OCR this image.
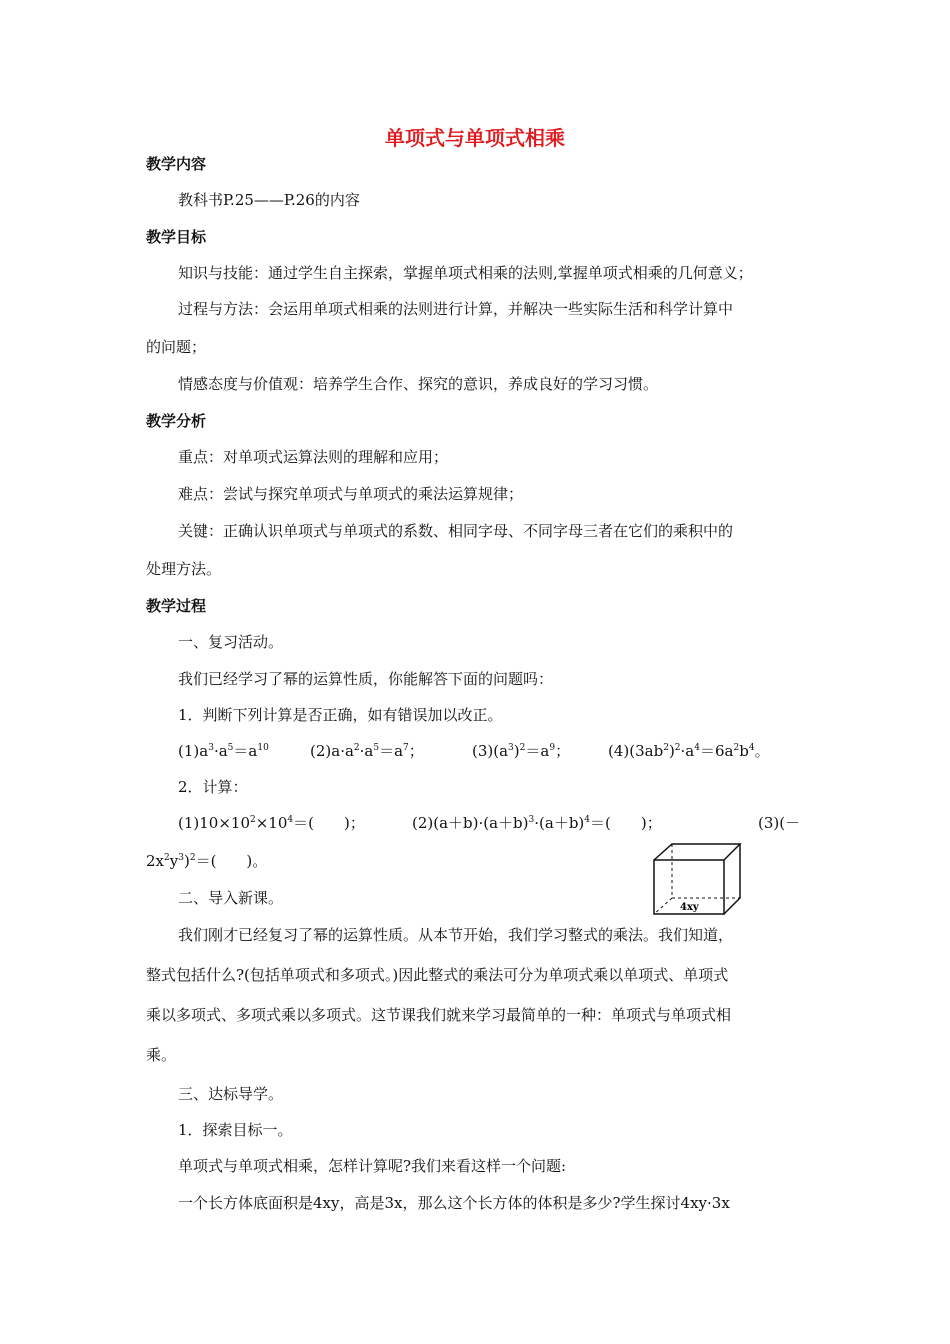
单项式与单项式相乘
教学内容
教科书P.25——P.26的内容
教学目标
知识与技能：通过学生自主探索，掌握单项式相乘的法则,掌握单项式相乘的几何意义；
过程与方法：会运用单项式相乘的法则进行计算，并解决一些实际生活和科学计算中
的问题；
情感态度与价值观：培养学生合作、探究的意识，养成良好的学习习惯。
教学分析
重点：对单项式运算法则的理解和应用；
难点：尝试与探究单项式与单项式的乘法运算规律；
关键：正确认识单项式与单项式的系数、相同字母、不同字母三者在它们的乘积中的
处理方法。
教学过程
一、复习活动。
我们已经学习了幂的运算性质，你能解答下面的问题吗：
1．判断下列计算是否正确，如有错误加以改正。
$(1)a^3\cdot a^5=a^{10}$	$(2)a\cdot a^2\cdot a^5=a^7$；	$(3)(a^3)^2=a^9$；	$(4)(3ab^2)^2\cdot a^4=6a^2b^4$。
2．计算：
$(1)10\times 10^2\times 10^4=$(　　)；	$(2)(a+b)\cdot(a+b)^3\cdot(a+b)^4=$(　　)；	(3)(－
$2x^2y^3)^2=$(　　)。
4xy
二、导入新课。
我们刚才已经复习了幂的运算性质。从本节开始，我们学习整式的乘法。我们知道，
整式包括什么?(包括单项式和多项式。)因此整式的乘法可分为单项式乘以单项式、单项式
乘以多项式、多项式乘以多项式。这节课我们就来学习最简单的一种：单项式与单项式相
乘。
三、达标导学。
1．探索目标一。
单项式与单项式相乘，怎样计算呢?我们来看这样一个问题:
一个长方体底面积是4xy，高是3x，那么这个长方体的体积是多少?学生探讨4xy·3x
